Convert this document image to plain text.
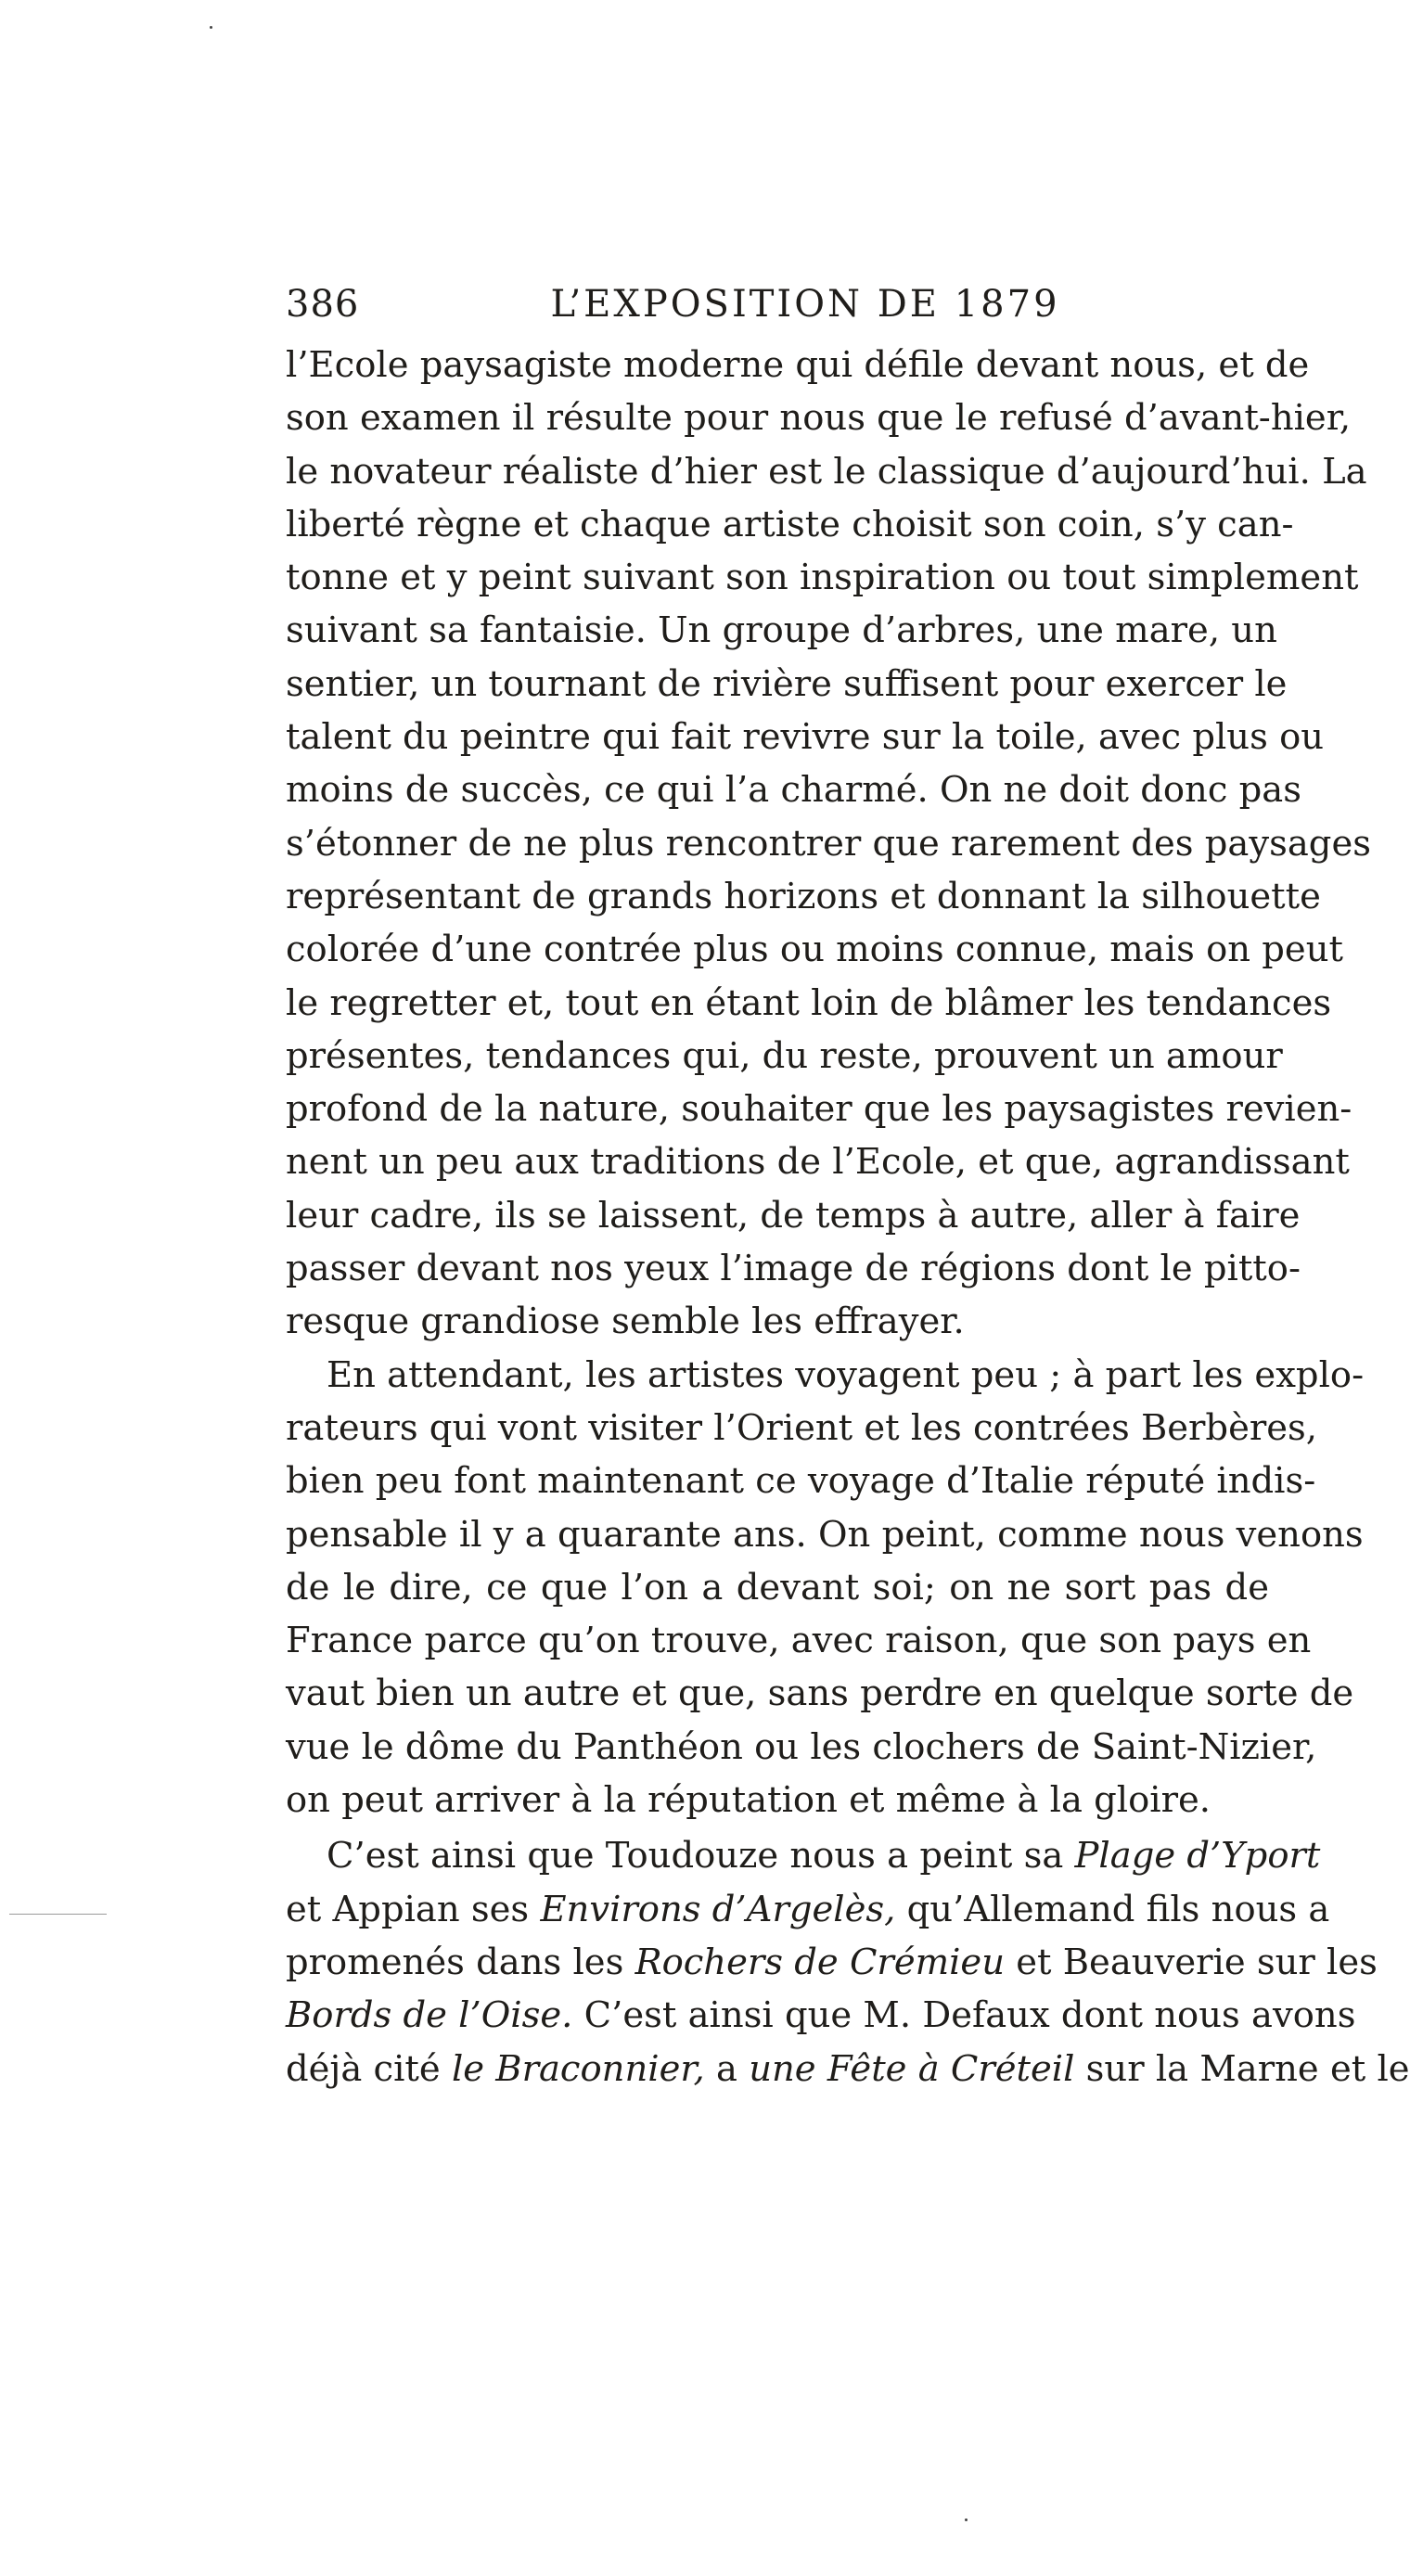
386	L’EXPOSITION DE 1879
l’Ecole paysagiste moderne qui défile devant nous, et de
son examen il résulte pour nous que le refusé d’avant-hier,
le novateur réaliste d’hier est le classique d’aujourd’hui. La
liberté règne et chaque artiste choisit son coin, s’y can-
tonne et y peint suivant son inspiration ou tout simplement
suivant sa fantaisie. Un groupe d’arbres, une mare, un
sentier, un tournant de rivière suffisent pour exercer le
talent du peintre qui fait revivre sur la toile, avec plus ou
moins de succès, ce qui l’a charmé. On ne doit donc pas
s’étonner de ne plus rencontrer que rarement des paysages
représentant de grands horizons et donnant la silhouette
colorée d’une contrée plus ou moins connue, mais on peut
le regretter et, tout en étant loin de blâmer les tendances
présentes, tendances qui, du reste, prouvent un amour
profond de la nature, souhaiter que les paysagistes revien-
nent un peu aux traditions de l’Ecole, et que, agrandissant
leur cadre, ils se laissent, de temps à autre, aller à faire
passer devant nos yeux l’image de régions dont le pitto-
resque grandiose semble les effrayer.
En attendant, les artistes voyagent peu ; à part les explo-
rateurs qui vont visiter l’Orient et les contrées Berbères,
bien peu font maintenant ce voyage d’Italie réputé indis-
pensable il y a quarante ans. On peint, comme nous venons
de le dire, ce que l’on a devant soi; on ne sort pas de
France parce qu’on trouve, avec raison, que son pays en
vaut bien un autre et que, sans perdre en quelque sorte de
vue le dôme du Panthéon ou les clochers de Saint-Nizier,
on peut arriver à la réputation et même à la gloire.
C’est ainsi que Toudouze nous a peint sa Plage d’Yport
et Appian ses Environs d’Argelès, qu’Allemand fils nous a
promenés dans les Rochers de Crémieu et Beauverie sur les
Bords de l’Oise. C’est ainsi que M. Defaux dont nous avons
déjà cité le Braconnier, a une Fête à Créteil sur la Marne et le
